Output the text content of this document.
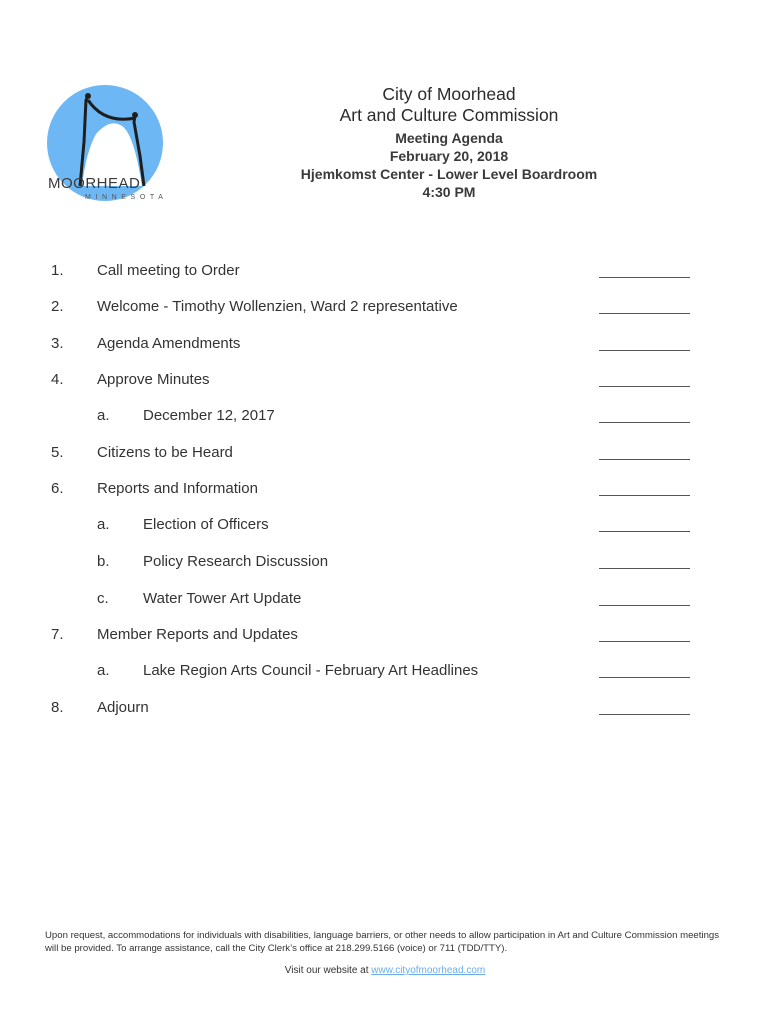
MOORHEAD
MINNESOTA
City of Moorhead
Art and Culture Commission
Meeting Agenda
February 20, 2018
Hjemkomst Center - Lower Level Boardroom
4:30 PM
1. Call meeting to Order
2. Welcome - Timothy Wollenzien, Ward 2 representative
3. Agenda Amendments
4. Approve Minutes
a. December 12, 2017
5. Citizens to be Heard
6. Reports and Information
a. Election of Officers
b. Policy Research Discussion
c. Water Tower Art Update
7. Member Reports and Updates
a. Lake Region Arts Council - February Art Headlines
8. Adjourn
Upon request, accommodations for individuals with disabilities, language barriers, or other needs to allow participation in Art and Culture Commission meetings will be provided. To arrange assistance, call the City Clerk’s office at 218.299.5166 (voice) or 711 (TDD/TTY).
Visit our website at www.cityofmoorhead.com
